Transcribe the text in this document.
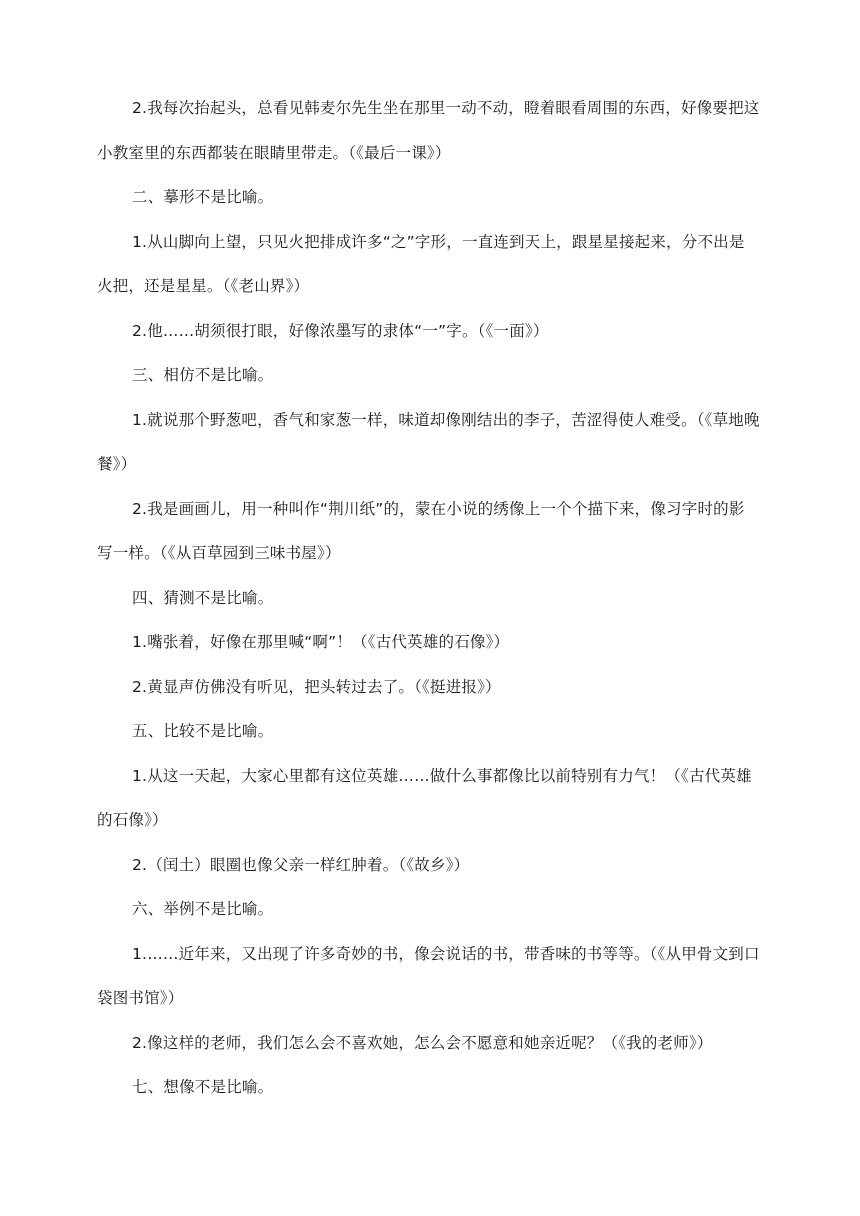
2.我每次抬起头，总看见韩麦尔先生坐在那里一动不动，瞪着眼看周围的东西，好像要把这小教室里的东西都装在眼睛里带走。（《最后一课》）

二、摹形不是比喻。

1.从山脚向上望，只见火把排成许多“之”字形，一直连到天上，跟星星接起来，分不出是火把，还是星星。（《老山界》）

2.他……胡须很打眼，好像浓墨写的隶体“一”字。（《一面》）

三、相仿不是比喻。

1.就说那个野葱吧，香气和家葱一样，味道却像刚结出的李子，苦涩得使人难受。（《草地晚餐》）

2.我是画画儿，用一种叫作“荆川纸”的，蒙在小说的绣像上一个个描下来，像习字时的影写一样。（《从百草园到三味书屋》）

四、猜测不是比喻。

1.嘴张着，好像在那里喊“啊”！（《古代英雄的石像》）

2.黄显声仿佛没有听见，把头转过去了。（《挺进报》）

五、比较不是比喻。

1.从这一天起，大家心里都有这位英雄……做什么事都像比以前特别有力气！（《古代英雄的石像》）

2.（闰土）眼圈也像父亲一样红肿着。（《故乡》）

六、举例不是比喻。

1.……近年来，又出现了许多奇妙的书，像会说话的书，带香味的书等等。（《从甲骨文到口袋图书馆》）

2.像这样的老师，我们怎么会不喜欢她，怎么会不愿意和她亲近呢？（《我的老师》）

七、想像不是比喻。
